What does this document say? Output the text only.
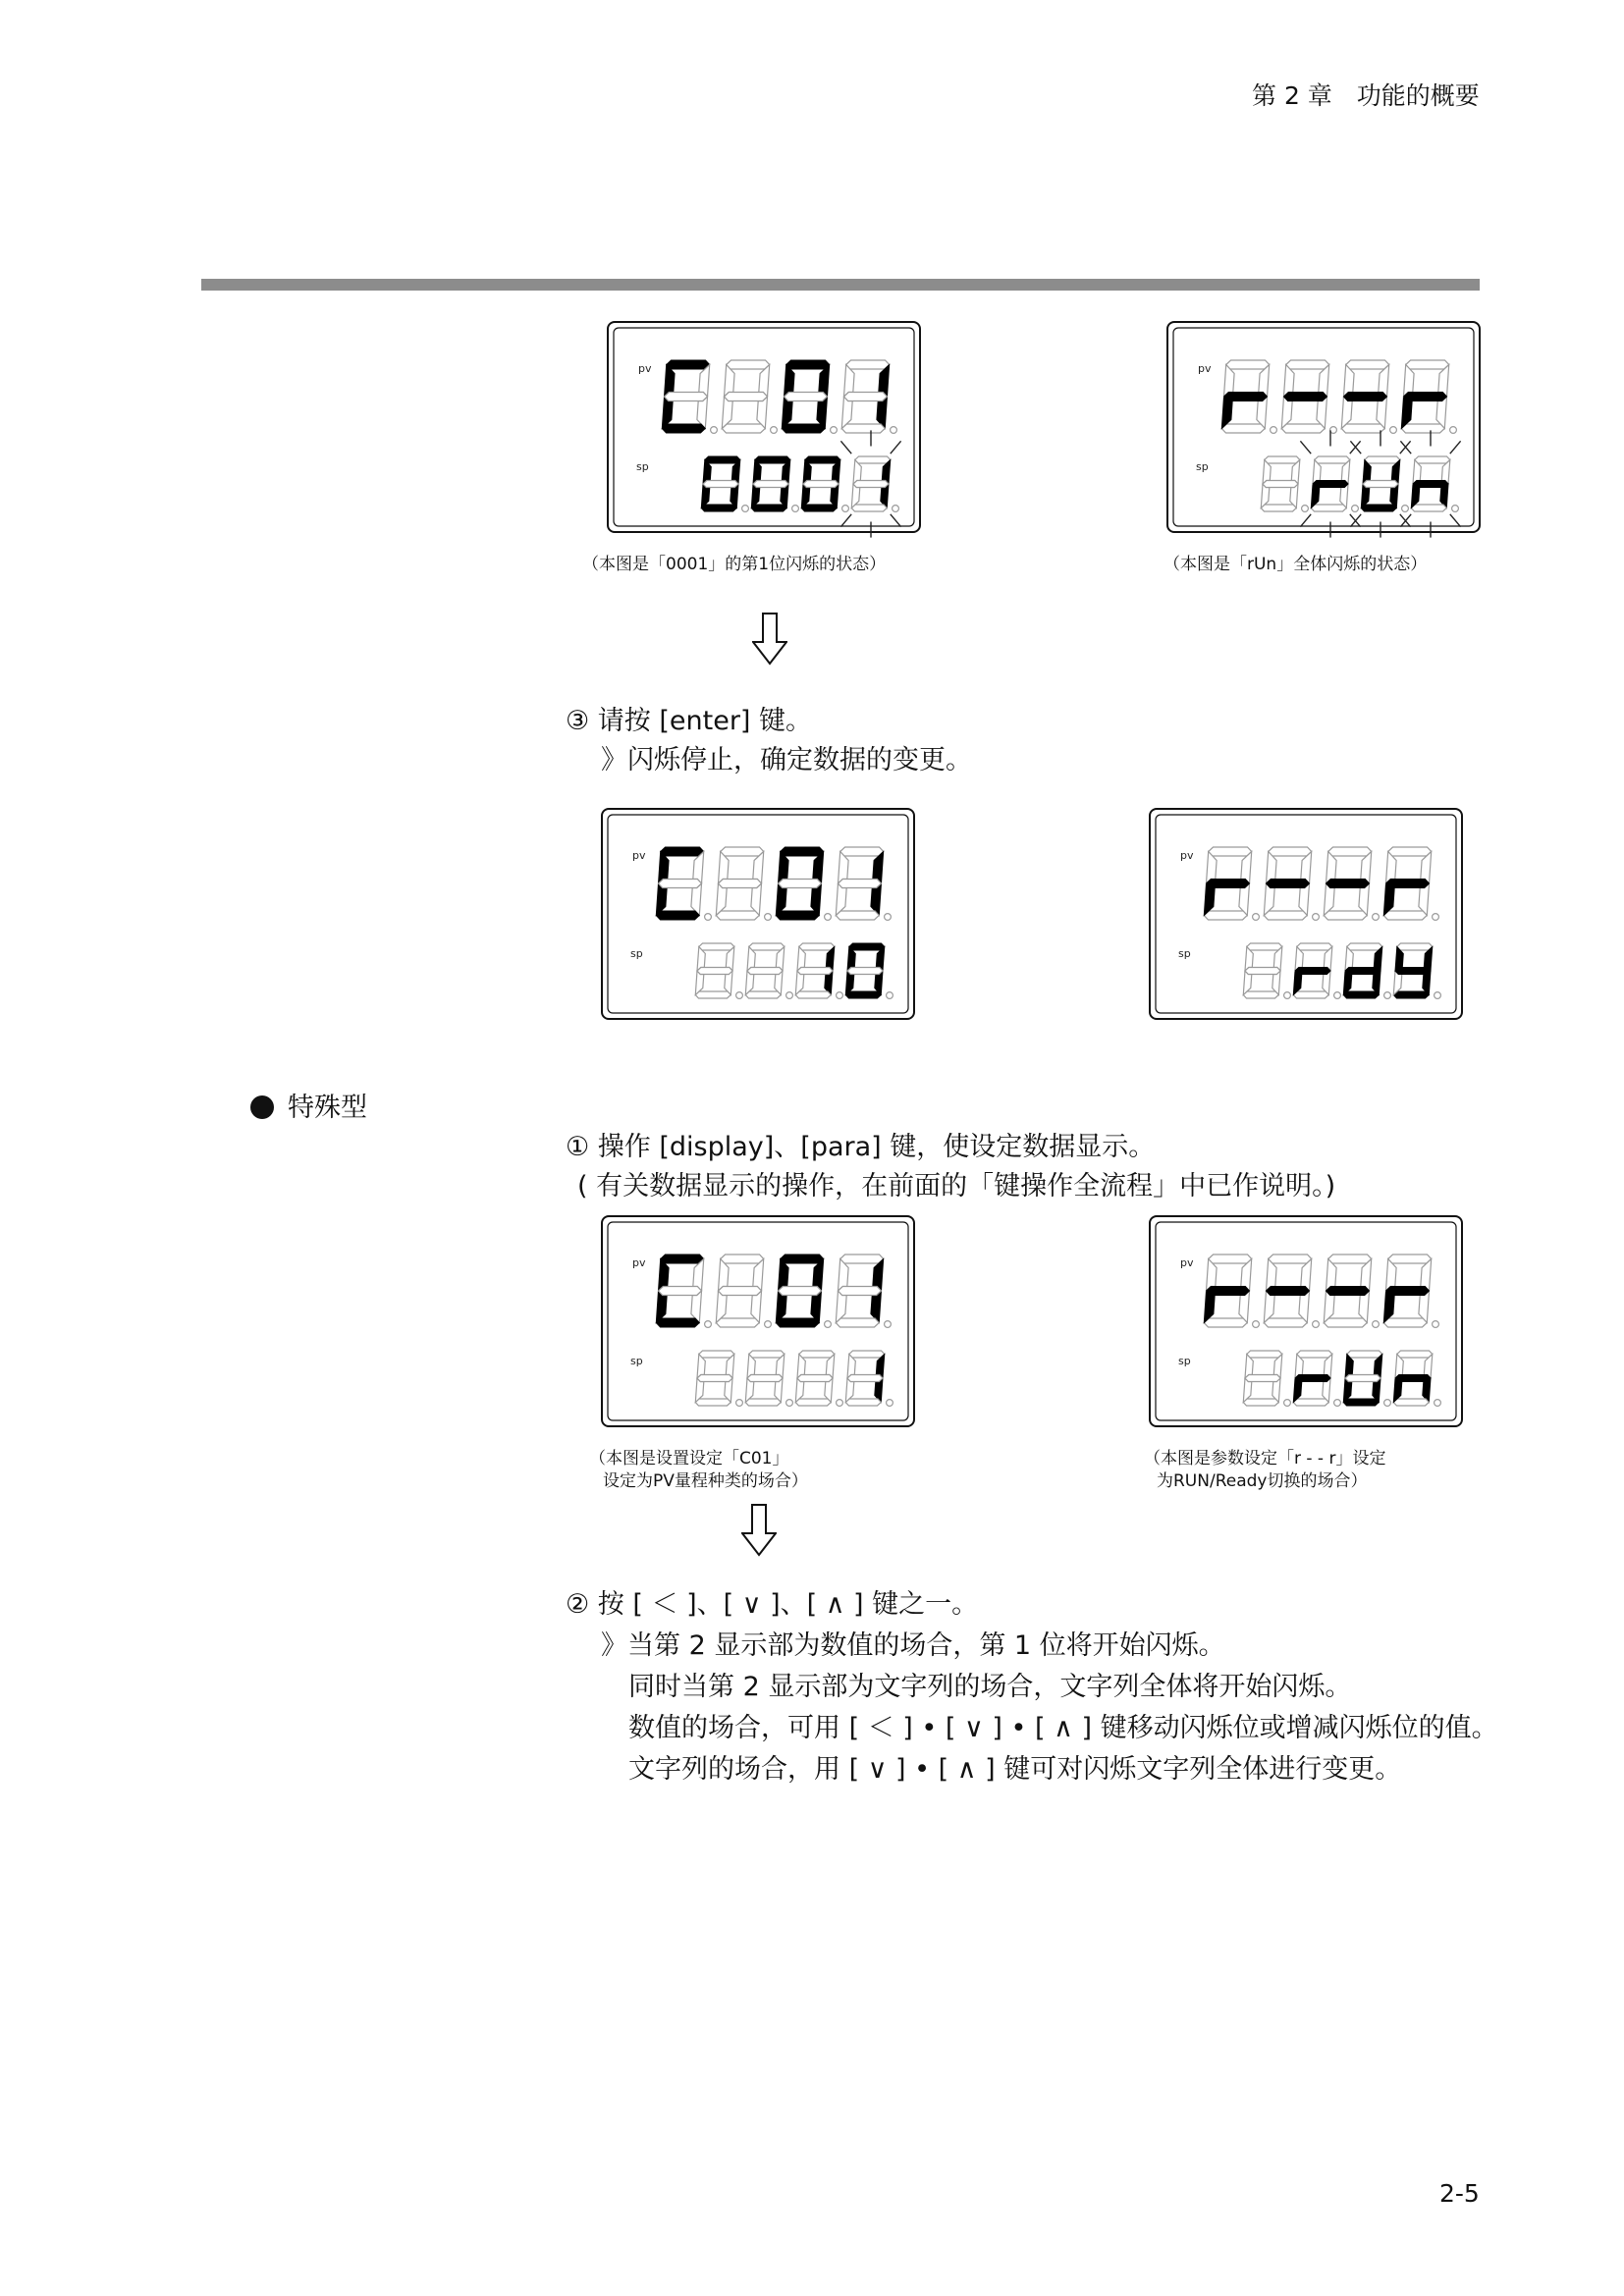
第 2 章　功能的概要
pv
sp
pv
sp
（本图是「0001」的第1位闪烁的状态）	（本图是「rUn」全体闪烁的状态）
③ 请按 [enter] 键。
》闪烁停止，确定数据的变更。
pv
sp
pv
sp
特殊型
① 操作 [display]、[para] 键，使设定数据显示。
( 有关数据显示的操作，在前面的「键操作全流程」中已作说明。)
pv
sp
pv
sp
（本图是设置设定「C01」
设定为PV量程种类的场合）
（本图是参数设定「r - - r」设定
为RUN/Ready切换的场合）
② 按 [ ＜ ]、[ ∨ ]、[ ∧ ] 键之一。
》当第 2 显示部为数值的场合，第 1 位将开始闪烁。
同时当第 2 显示部为文字列的场合，文字列全体将开始闪烁。
数值的场合，可用 [ ＜ ] • [ ∨ ] • [ ∧ ] 键移动闪烁位或增减闪烁位的值。
文字列的场合，用 [ ∨ ] • [ ∧ ] 键可对闪烁文字列全体进行变更。
2-5
